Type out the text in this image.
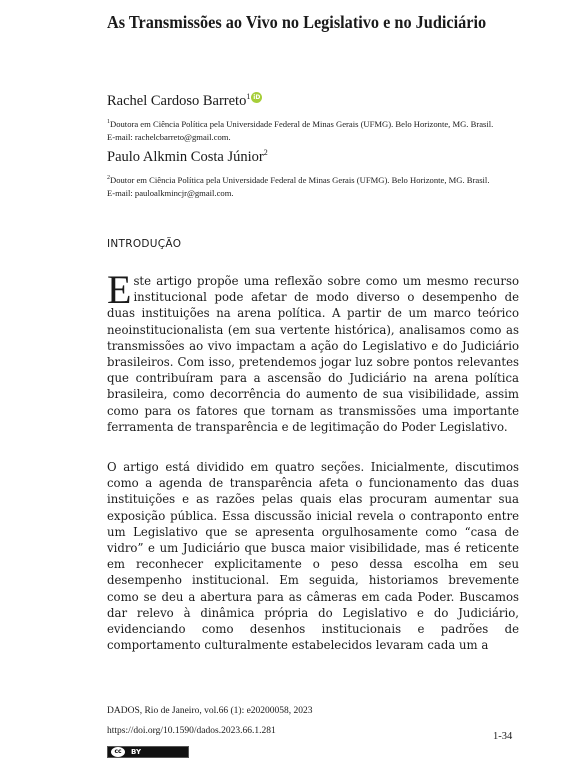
As Transmissões ao Vivo no Legislativo e no Judiciário
Rachel Cardoso Barreto$^1$ iD
$^1$Doutora em Ciência Política pela Universidade Federal de Minas Gerais (UFMG). Belo Horizonte, MG. Brasil.
E-mail: rachelcbarreto@gmail.com.
Paulo Alkmin Costa Júnior$^2$
$^2$Doutor em Ciência Política pela Universidade Federal de Minas Gerais (UFMG). Belo Horizonte, MG. Brasil.
E-mail: pauloalkmincjr@gmail.com.
INTRODUÇÃO

Este artigo propõe uma reflexão sobre como um mesmo recurso institucional pode afetar de modo diverso o desempenho de duas instituições na arena política. A partir de um marco teórico neoinstitucionalista (em sua vertente histórica), analisamos como as transmissões ao vivo impactam a ação do Legislativo e do Judiciário brasileiros. Com isso, pretendemos jogar luz sobre pontos relevantes que contribuíram para a ascensão do Judiciário na arena política brasileira, como decorrência do aumento de sua visibilidade, assim como para os fatores que tornam as transmissões uma importante ferramenta de transparência e de legitimação do Poder Legislativo.

O artigo está dividido em quatro seções. Inicialmente, discutimos como a agenda de transparência afeta o funcionamento das duas instituições e as razões pelas quais elas procuram aumentar sua exposição pública. Essa discussão inicial revela o contraponto entre um Legislativo que se apresenta orgulhosamente como “casa de vidro” e um Judiciário que busca maior visibilidade, mas é reticente em reconhecer explicitamente o peso dessa escolha em seu desempenho institucional. Em seguida, historiamos brevemente como se deu a abertura para as câmeras em cada Poder. Buscamos dar relevo à dinâmica própria do Legislativo e do Judiciário, evidenciando como desenhos institucionais e padrões de comportamento culturalmente estabelecidos levaram cada um a

DADOS, Rio de Janeiro, vol.66 (1): e20200058, 2023
https://doi.org/10.1590/dados.2023.66.1.281	1-34
cc	BY
